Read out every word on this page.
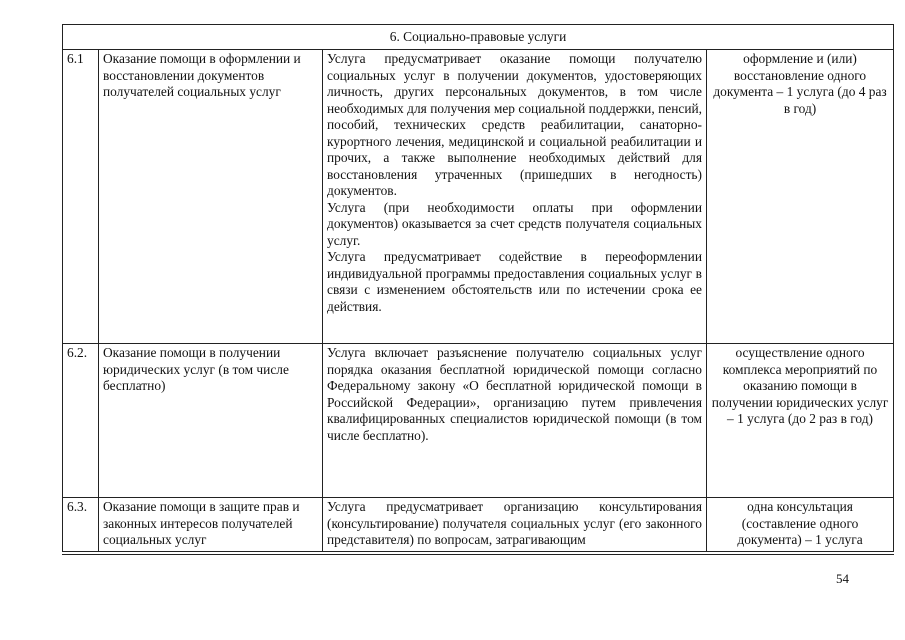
6. Социально-правовые услуги			
6.1	Оказание помощи в оформлении и восстановлении документов получателей социальных услуг	Услуга предусматривает оказание помощи получателю социальных услуг в получении документов, удостоверяющих личность, других персональных документов, в том числе необходимых для получения мер социальной поддержки, пенсий, пособий, технических средств реабилитации, санаторно-курортного лечения, медицинской и социальной реабилитации и прочих, а также выполнение необходимых действий для восстановления утраченных (пришедших в негодность) документов.

Услуга (при необходимости оплаты при оформлении документов) оказывается за счет средств получателя социальных услуг.

Услуга предусматривает содействие в переоформлении индивидуальной программы предоставления социальных услуг в связи с изменением обстоятельств или по истечении срока ее действия.	оформление и (или) восстановление одного документа – 1 услуга (до 4 раз в год)
6.2.	Оказание помощи в получении юридических услуг (в том числе бесплатно)	Услуга включает разъяснение получателю социальных услуг порядка оказания бесплатной юридической помощи согласно Федеральному закону «О бесплатной юридической помощи в Российской Федерации», организацию путем привлечения квалифицированных специалистов юридической помощи (в том числе бесплатно).	осуществление одного комплекса мероприятий по оказанию помощи в получении юридических услуг – 1 услуга (до 2 раз в год)
6.3.	Оказание помощи в защите прав и законных интересов получателей социальных услуг	Услуга предусматривает организацию консультирования (консультирование) получателя социальных услуг (его законного представителя) по вопросам, затрагивающим	одна консультация (составление одного документа) – 1 услуга
54
